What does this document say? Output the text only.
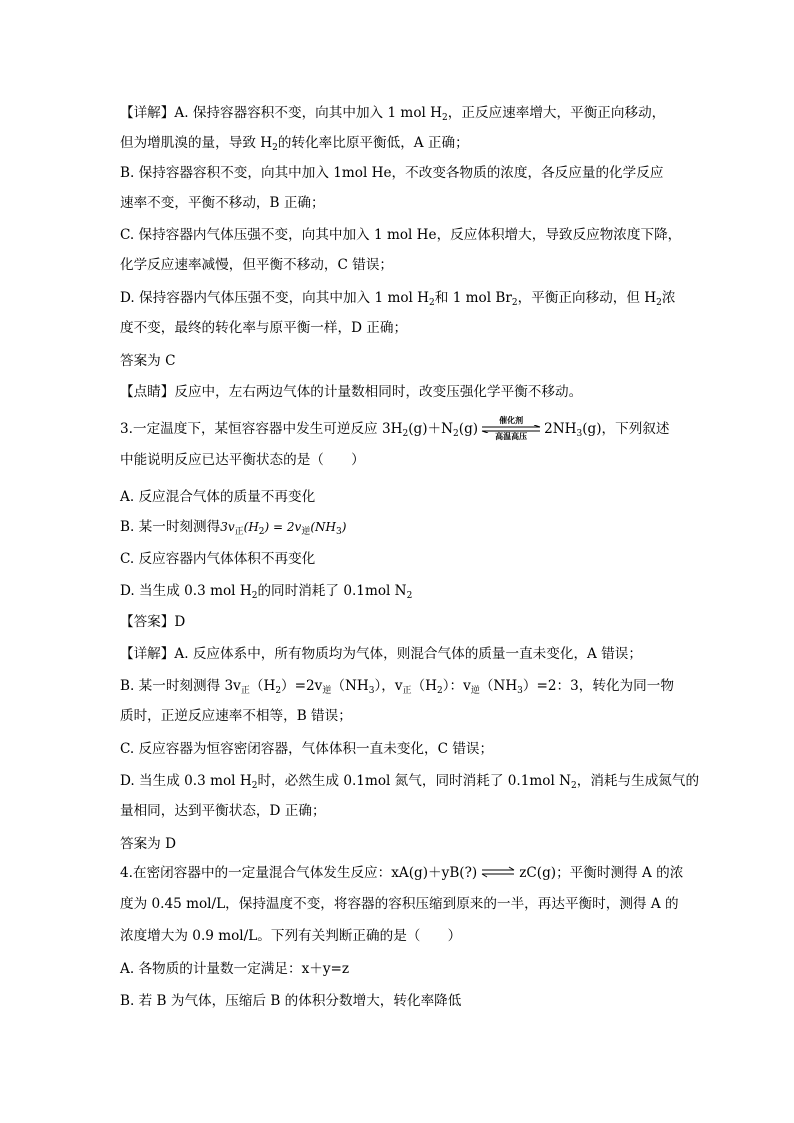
【详解】A. 保持容器容积不变，向其中加入 1 mol $H_2$，正反应速率增大，平衡正向移动，

但为增肌溴的量，导致 $H_2$的转化率比原平衡低，A 正确；

B. 保持容器容积不变，向其中加入 1mol He，不改变各物质的浓度，各反应量的化学反应

速率不变，平衡不移动，B 正确；

C. 保持容器内气体压强不变，向其中加入 1 mol He，反应体积增大，导致反应物浓度下降，

化学反应速率减慢，但平衡不移动，C 错误；

D. 保持容器内气体压强不变，向其中加入 1 mol $H_2$和 1 mol $Br_2$，平衡正向移动，但 $H_2$浓

度不变，最终的转化率与原平衡一样，D 正确；

答案为 C

【点睛】反应中，左右两边气体的计量数相同时，改变压强化学平衡不移动。

3.一定温度下，某恒容容器中发生可逆反应 $3H_2(g)+N_2(g)$
催化剂
高温高压	$2NH_3(g)$，下列叙述

中能说明反应已达平衡状态的是（　　）

A. 反应混合气体的质量不再变化

B. 某一时刻测得$3v_正(H_2) = 2v_逆(NH_3)$

C. 反应容器内气体体积不再变化

D. 当生成 0.3 mol $H_2$的同时消耗了 0.1mol $N_2$

【答案】D

【详解】A. 反应体系中，所有物质均为气体，则混合气体的质量一直未变化，A 错误；

B. 某一时刻测得 $3v_正(H_2)=2v_逆(NH_3)$，$v_正(H_2)$：$v_逆(NH_3)=2$：3，转化为同一物

质时，正逆反应速率不相等，B 错误；

C. 反应容器为恒容密闭容器，气体体积一直未变化，C 错误；

D. 当生成 0.3 mol $H_2$时，必然生成 0.1mol 氮气，同时消耗了 0.1mol $N_2$，消耗与生成氮气的

量相同，达到平衡状态，D 正确；

答案为 D

4.在密闭容器中的一定量混合气体发生反应：xA(g)＋yB(?) ⇌ zC(g)；平衡时测得 A 的浓

度为 0.45 mol/L，保持温度不变，将容器的容积压缩到原来的一半，再达平衡时，测得 A 的

浓度增大为 0.9 mol/L。下列有关判断正确的是（　　）

A. 各物质的计量数一定满足：x＋y=z

B. 若 B 为气体，压缩后 B 的体积分数增大，转化率降低
